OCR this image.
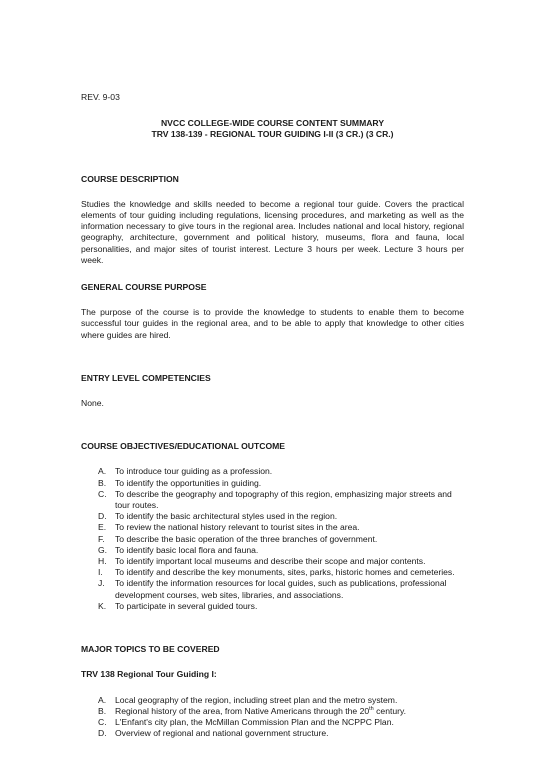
REV. 9-03

NVCC COLLEGE-WIDE COURSE CONTENT SUMMARY

TRV 138-139 - REGIONAL TOUR GUIDING I-II (3 CR.) (3 CR.)

COURSE DESCRIPTION

Studies the knowledge and skills needed to become a regional tour guide. Covers the practical elements of tour guiding including regulations, licensing procedures, and marketing as well as the information necessary to give tours in the regional area. Includes national and local history, regional geography, architecture, government and political history, museums, flora and fauna, local personalities, and major sites of tourist interest. Lecture 3 hours per week. Lecture 3 hours per week.

GENERAL COURSE PURPOSE

The purpose of the course is to provide the knowledge to students to enable them to become successful tour guides in the regional area, and to be able to apply that knowledge to other cities where guides are hired.

ENTRY LEVEL COMPETENCIES

None.

COURSE OBJECTIVES/EDUCATIONAL OUTCOME

A.	To introduce tour guiding as a profession.
B.	To identify the opportunities in guiding.
C. To describe the geography and topography of this region, emphasizing major streets and tour routes.
D. To identify the basic architectural styles used in the region.
E.	To review the national history relevant to tourist sites in the area.
F.	To describe the basic operation of the three branches of government.
G. To identify basic local flora and fauna.
H. To identify important local museums and describe their scope and major contents.
I.	To identify and describe the key monuments, sites, parks, historic homes and cemeteries.
J.	To identify the information resources for local guides, such as publications, professional development courses, web sites, libraries, and associations.
K.	To participate in several guided tours.

MAJOR TOPICS TO BE COVERED

TRV 138 Regional Tour Guiding I:

A.	Local geography of the region, including street plan and the metro system.
B.	Regional history of the area, from Native Americans through the 20th century.
C. L'Enfant's city plan, the McMillan Commission Plan and the NCPPC Plan.
D. Overview of regional and national government structure.
